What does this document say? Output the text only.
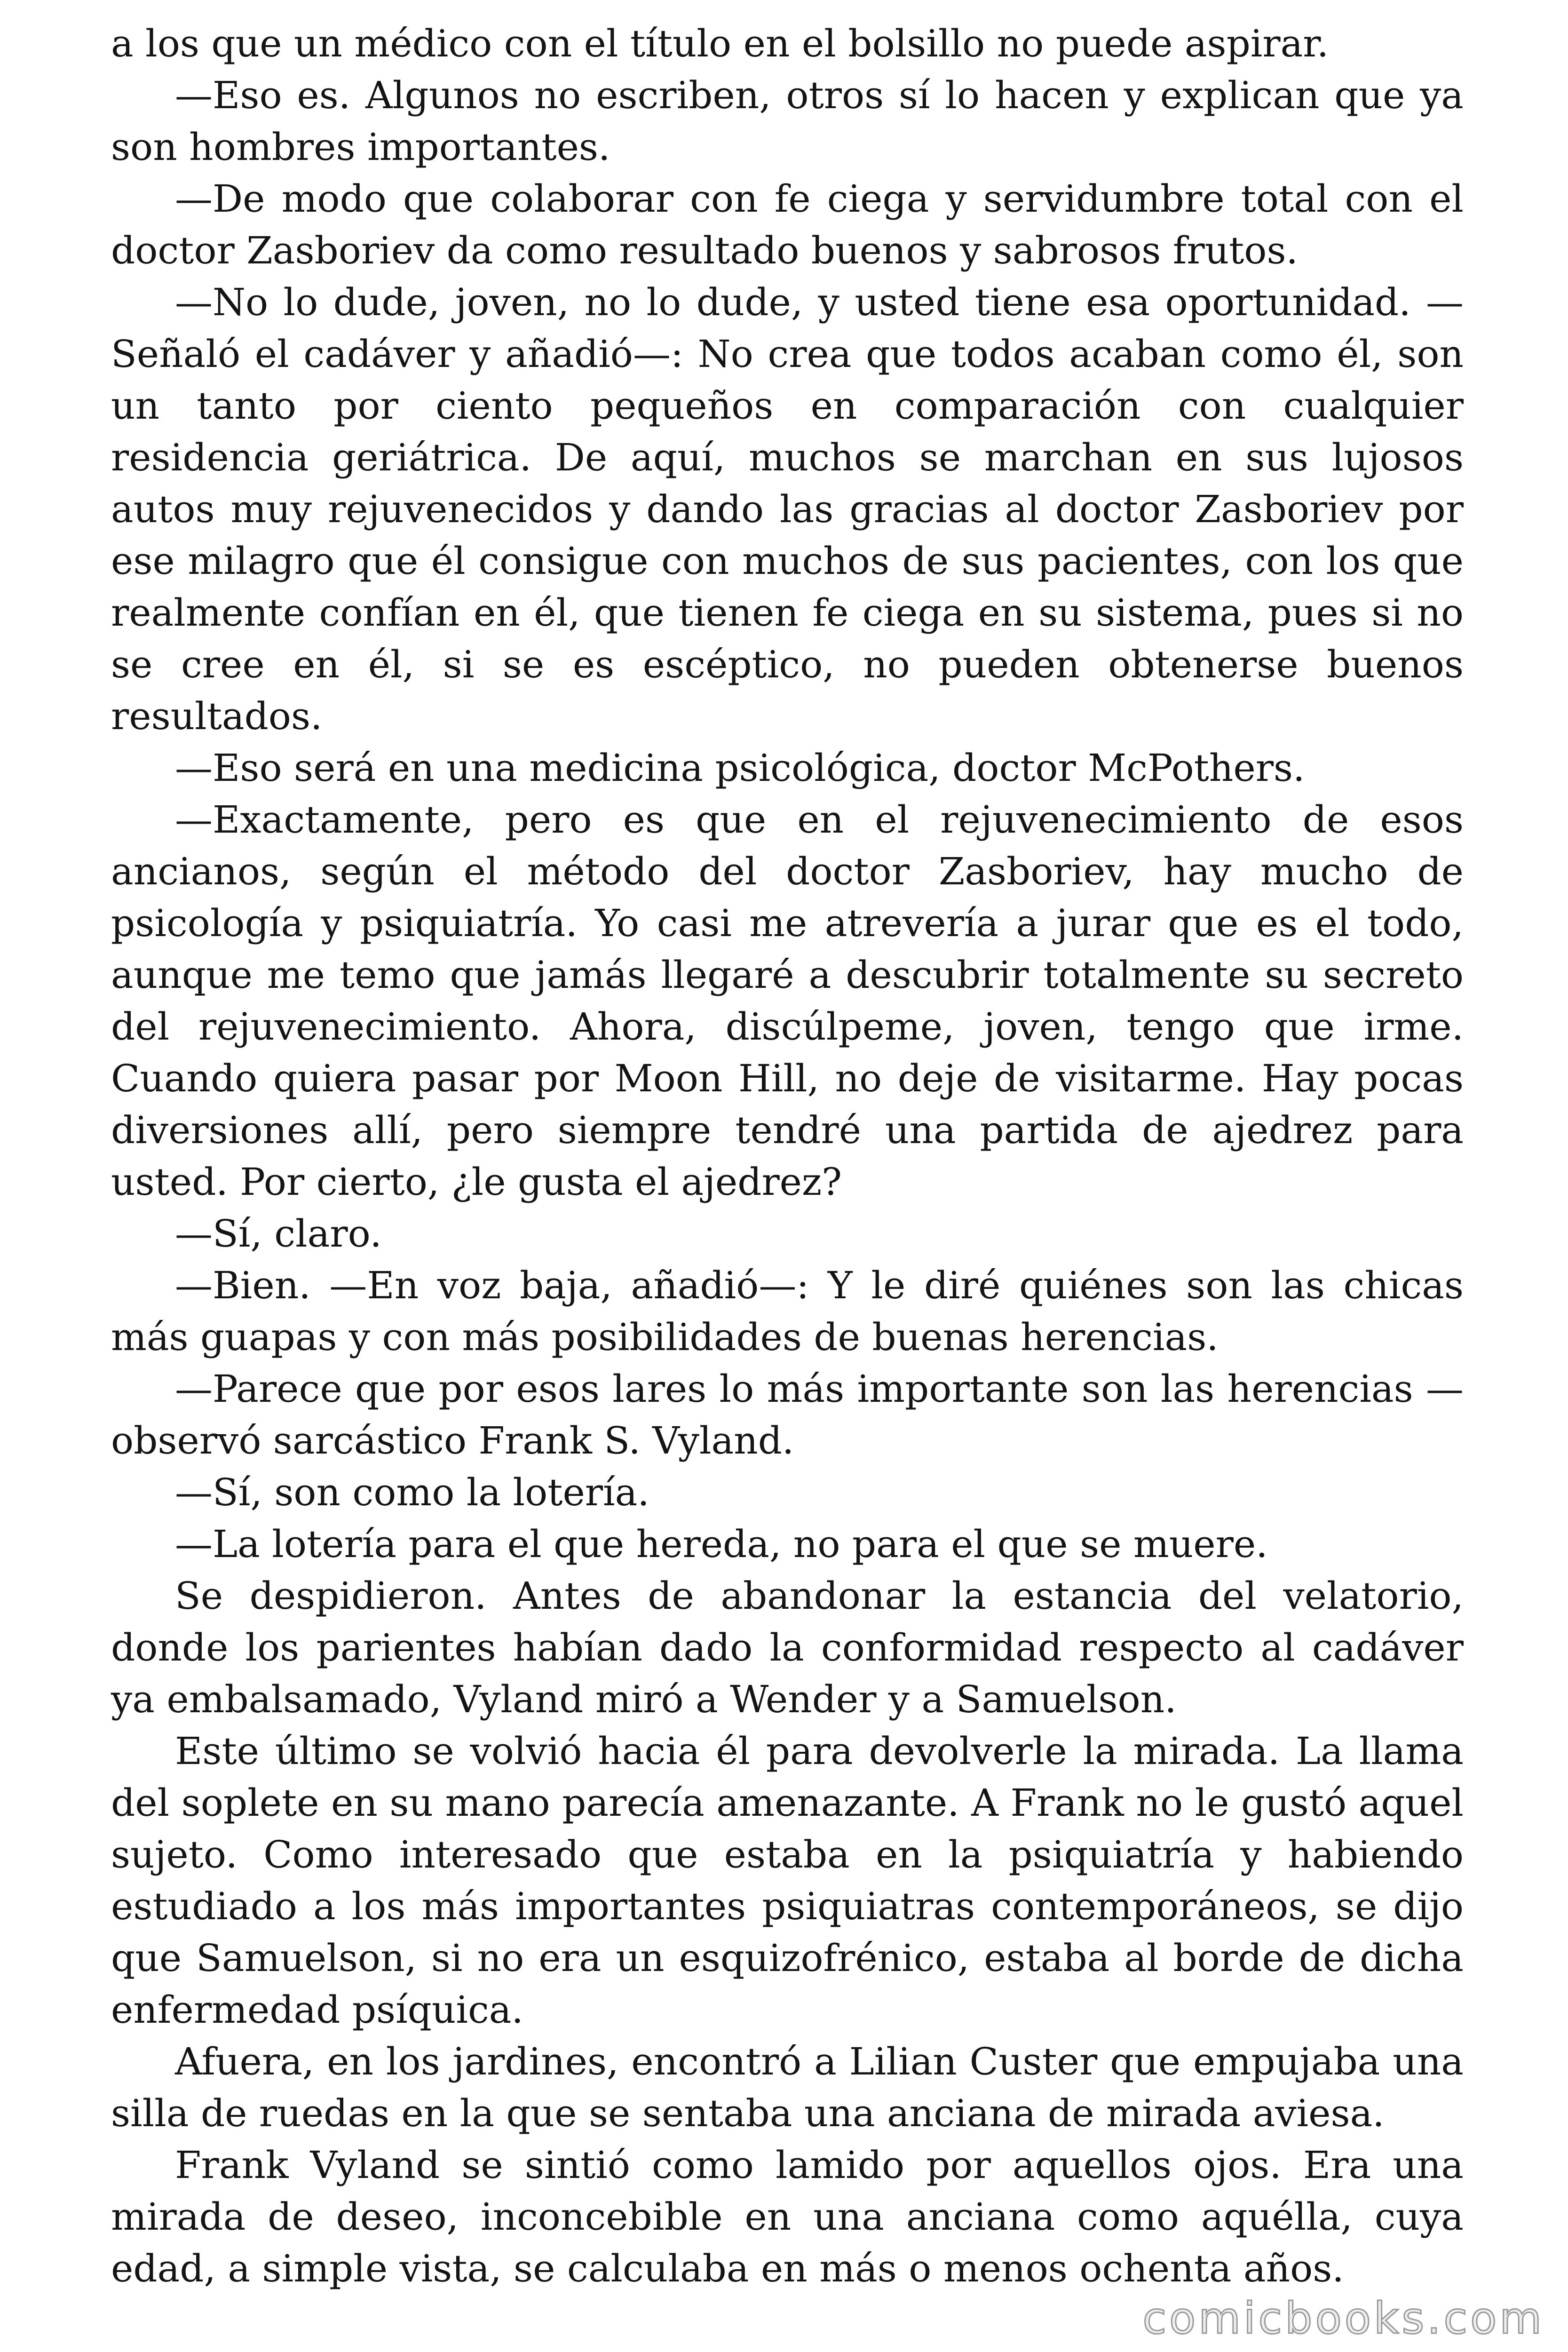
a los que un médico con el título en el bolsillo no puede aspirar.

—Eso es. Algunos no escriben, otros sí lo hacen y explican que ya son hombres importantes.

—De modo que colaborar con fe ciega y servidumbre total con el doctor Zasboriev da como resultado buenos y sabrosos frutos.

—No lo dude, joven, no lo dude, y usted tiene esa oportunidad. —Señaló el cadáver y añadió—: No crea que todos acaban como él, son un tanto por ciento pequeños en comparación con cualquier residencia geriátrica. De aquí, muchos se marchan en sus lujosos autos muy rejuvenecidos y dando las gracias al doctor Zasboriev por ese milagro que él consigue con muchos de sus pacientes, con los que realmente confían en él, que tienen fe ciega en su sistema, pues si no se cree en él, si se es escéptico, no pueden obtenerse buenos resultados.

—Eso será en una medicina psicológica, doctor McPothers.

—Exactamente, pero es que en el rejuvenecimiento de esos ancianos, según el método del doctor Zasboriev, hay mucho de psicología y psiquiatría. Yo casi me atrevería a jurar que es el todo, aunque me temo que jamás llegaré a descubrir totalmente su secreto del rejuvenecimiento. Ahora, discúlpeme, joven, tengo que irme. Cuando quiera pasar por Moon Hill, no deje de visitarme. Hay pocas diversiones allí, pero siempre tendré una partida de ajedrez para usted. Por cierto, ¿le gusta el ajedrez?

—Sí, claro.

—Bien. —En voz baja, añadió—: Y le diré quiénes son las chicas más guapas y con más posibilidades de buenas herencias.

—Parece que por esos lares lo más importante son las herencias —observó sarcástico Frank S. Vyland.

—Sí, son como la lotería.

—La lotería para el que hereda, no para el que se muere.

Se despidieron. Antes de abandonar la estancia del velatorio, donde los parientes habían dado la conformidad respecto al cadáver ya embalsamado, Vyland miró a Wender y a Samuelson.

Este último se volvió hacia él para devolverle la mirada. La llama del soplete en su mano parecía amenazante. A Frank no le gustó aquel sujeto. Como interesado que estaba en la psiquiatría y habiendo estudiado a los más importantes psiquiatras contemporáneos, se dijo que Samuelson, si no era un esquizofrénico, estaba al borde de dicha enfermedad psíquica.

Afuera, en los jardines, encontró a Lilian Custer que empujaba una silla de ruedas en la que se sentaba una anciana de mirada aviesa.

Frank Vyland se sintió como lamido por aquellos ojos. Era una mirada de deseo, inconcebible en una anciana como aquélla, cuya edad, a simple vista, se calculaba en más o menos ochenta años.

comicbooks.com
